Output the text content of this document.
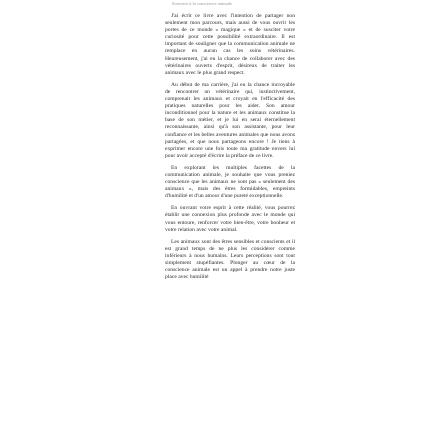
Souvenir à la conscience animale

J'ai écrit ce livre avec l'intention de partager non seulement mon parcours, mais aussi de vous ouvrir les portes de ce monde « magique » et de susciter votre curiosité pour cette possibilité extraordinaire. Il est important de souligner que la communication animale ne remplace en aucun cas les soins vétérinaires. Heureusement, j'ai eu la chance de collaborer avec des vétérinaires ouverts d'esprit, désireux de traiter les animaux avec le plus grand respect.

Au début de ma carrière, j'ai eu la chance incroyable de rencontrer un vétérinaire qui, instinctivement, comprenait les animaux et croyait en l'efficacité des pratiques naturelles pour les aider. Son amour inconditionnel pour la nature et les animaux constitue la base de son métier, et je lui en serai éternellement reconnaissante, ainsi qu'à son assistante, pour leur confiance et les belles aventures animales que nous avons partagées, et que nous partageons encore ! Je tiens à exprimer encore une fois toute ma gratitude envers lui pour avoir accepté d'écrire la préface de ce livre.

En explorant les multiples facettes de la communication animale, je souhaite que vous preniez conscience que les animaux ne sont pas « seulement des animaux », mais des êtres formidables, empreints d'humilité et d'un amour d'une pureté exceptionnelle.

En ouvrant votre esprit à cette réalité, vous pourrez établir une connexion plus profonde avec le monde qui vous entoure, renforcer votre bien-être, votre bonheur et votre relation avec votre animal.

Les animaux sont des êtres sensibles et conscients et il est grand temps de ne plus les considérer comme inférieurs à nous humains. Leurs perceptions sont tout simplement stupéfiantes. Plonger au cœur de la conscience animale est un appel à prendre notre juste place avec humilité
